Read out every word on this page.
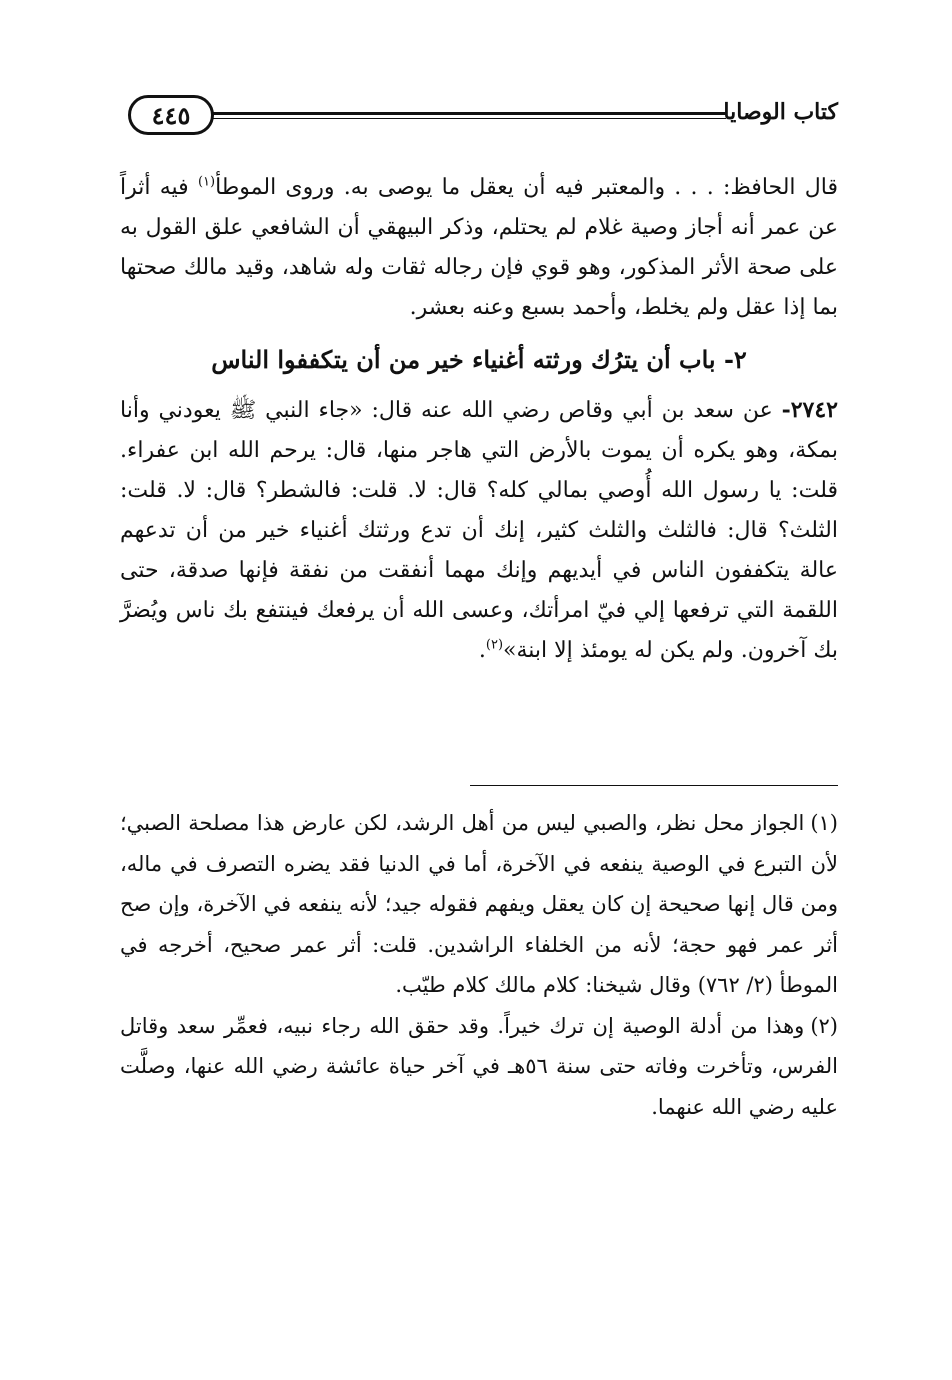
٤٤٥	كتاب الوصايا

قال الحافظ: . . . والمعتبر فيه أن يعقل ما يوصى به. وروى الموطأ$^{(١)}$ فيه أثراً عن عمر أنه أجاز وصية غلام لم يحتلم، وذكر البيهقي أن الشافعي علق القول به على صحة الأثر المذكور، وهو قوي فإن رجاله ثقات وله شاهد، وقيد مالك صحتها بما إذا عقل ولم يخلط، وأحمد بسبع وعنه بعشر.

٢- باب أن يترُك ورثته أغنياء خير من أن يتكففوا الناس

٢٧٤٢- عن سعد بن أبي وقاص رضي الله عنه قال: «جاء النبي ﷺ يعودني وأنا بمكة، وهو يكره أن يموت بالأرض التي هاجر منها، قال: يرحم الله ابن عفراء. قلت: يا رسول الله أُوصي بمالي كله؟ قال: لا. قلت: فالشطر؟ قال: لا. قلت: الثلث؟ قال: فالثلث والثلث كثير، إنك أن تدع ورثتك أغنياء خير من أن تدعهم عالة يتكففون الناس في أيديهم وإنك مهما أنفقت من نفقة فإنها صدقة، حتى اللقمة التي ترفعها إلي فيّ امرأتك، وعسى الله أن يرفعك فينتفع بك ناس ويُضرَّ بك آخرون. ولم يكن له يومئذ إلا ابنة»$^{(٢)}$.

(١)الجواز محل نظر، والصبي ليس من أهل الرشد، لكن عارض هذا مصلحة الصبي؛ لأن التبرع في الوصية ينفعه في الآخرة، أما في الدنيا فقد يضره التصرف في ماله، ومن قال إنها صحيحة إن كان يعقل ويفهم فقوله جيد؛ لأنه ينفعه في الآخرة، وإن صح أثر عمر فهو حجة؛ لأنه من الخلفاء الراشدين. قلت: أثر عمر صحيح، أخرجه في الموطأ (٢/ ٧٦٢) وقال شيخنا: كلام مالك كلام طيّب.

(٢)وهذا من أدلة الوصية إن ترك خيراً. وقد حقق الله رجاء نبيه، فعمِّر سعد وقاتل الفرس، وتأخرت وفاته حتى سنة ٥٦هـ في آخر حياة عائشة رضي الله عنها، وصلَّت عليه رضي الله عنهما.
